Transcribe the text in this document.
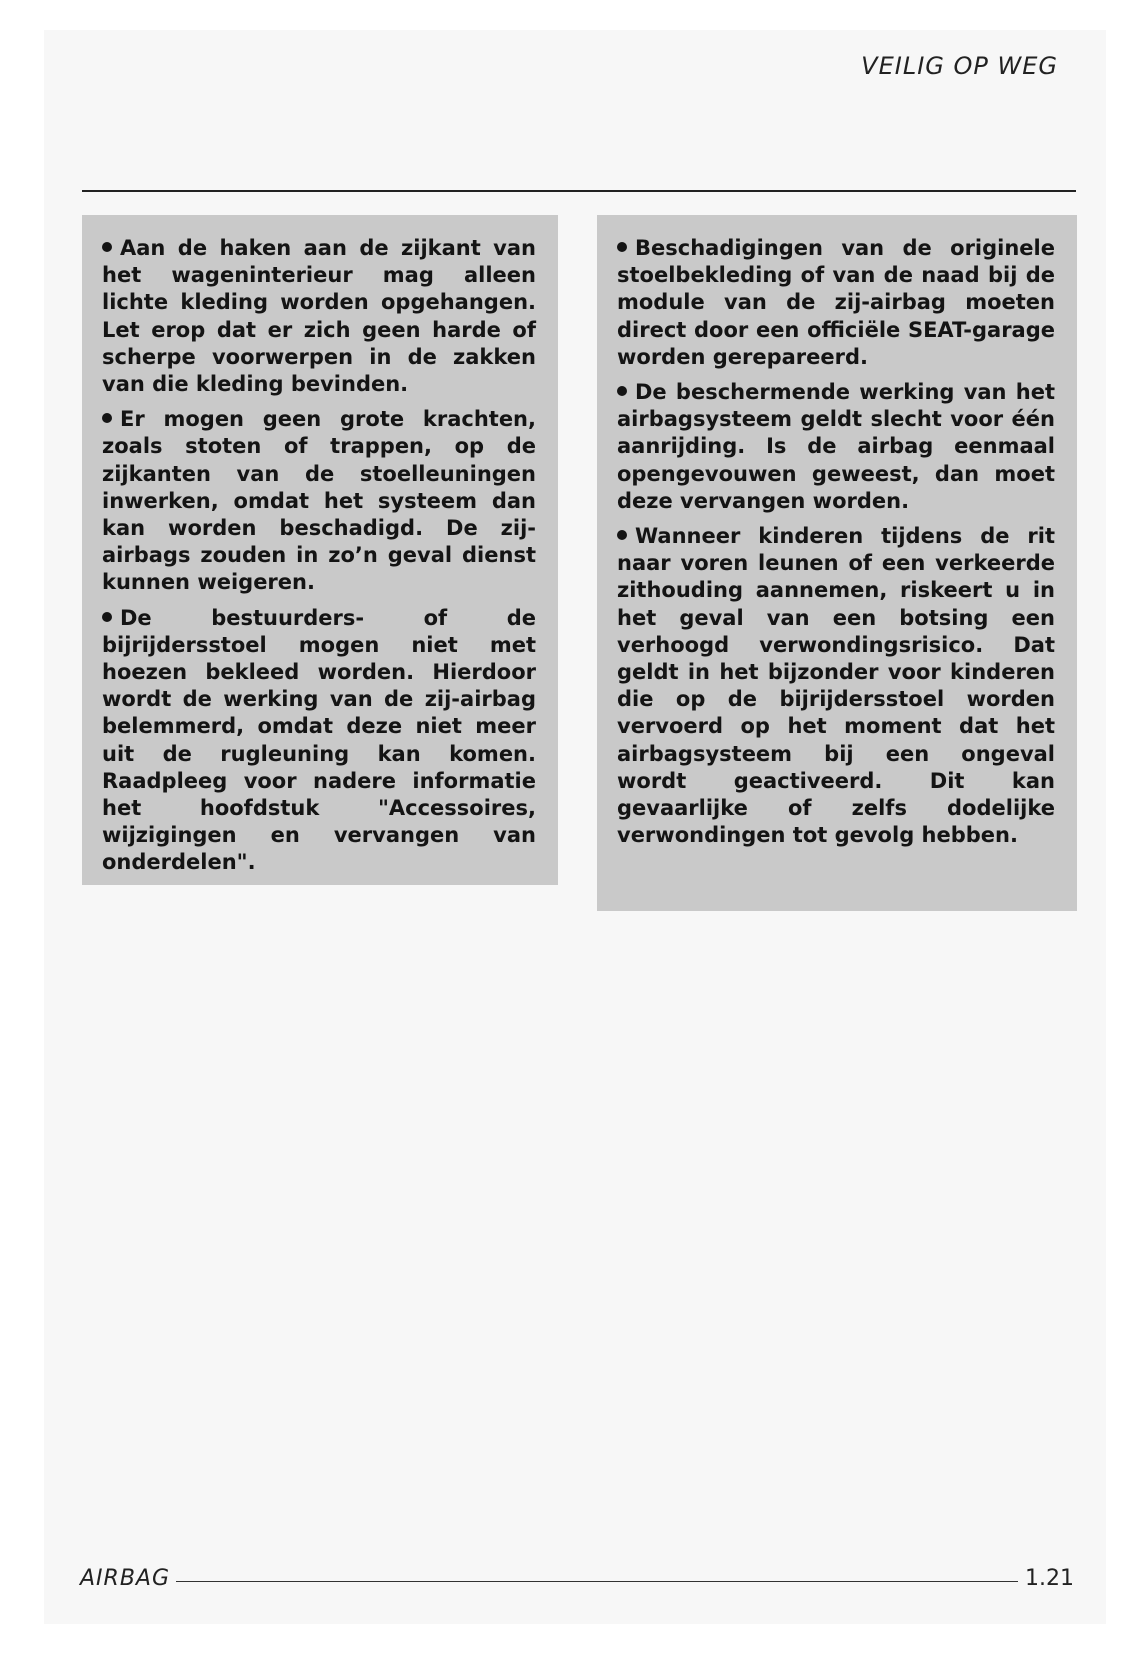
VEILIG OP WEG

Aan de haken aan de zijkant van het wageninterieur mag alleen lichte kleding worden opgehangen. Let erop dat er zich geen harde of scherpe voorwerpen in de zakken van die kleding bevinden.

Er mogen geen grote krachten, zoals stoten of trappen, op de zijkanten van de stoelleuningen inwerken, omdat het systeem dan kan worden beschadigd. De zij-airbags zouden in zo’n geval dienst kunnen weigeren.

De bestuurders- of de bijrijdersstoel mogen niet met hoezen bekleed worden. Hierdoor wordt de werking van de zij-airbag belemmerd, omdat deze niet meer uit de rugleuning kan komen. Raadpleeg voor nadere informatie het hoofdstuk "Accessoires, wijzigingen en vervangen van onderdelen".

Beschadigingen van de originele stoelbekleding of van de naad bij de module van de zij-airbag moeten direct door een officiële SEAT-garage worden gerepareerd.

De beschermende werking van het airbagsysteem geldt slecht voor één aanrijding. Is de airbag eenmaal opengevouwen geweest, dan moet deze vervangen worden.

Wanneer kinderen tijdens de rit naar voren leunen of een verkeerde zithouding aannemen, riskeert u in het geval van een botsing een verhoogd verwondingsrisico. Dat geldt in het bijzonder voor kinderen die op de bijrijdersstoel worden vervoerd op het moment dat het airbagsysteem bij een ongeval wordt geactiveerd. Dit kan gevaarlijke of zelfs dodelijke verwondingen tot gevolg hebben.

AIRBAG	1.21
